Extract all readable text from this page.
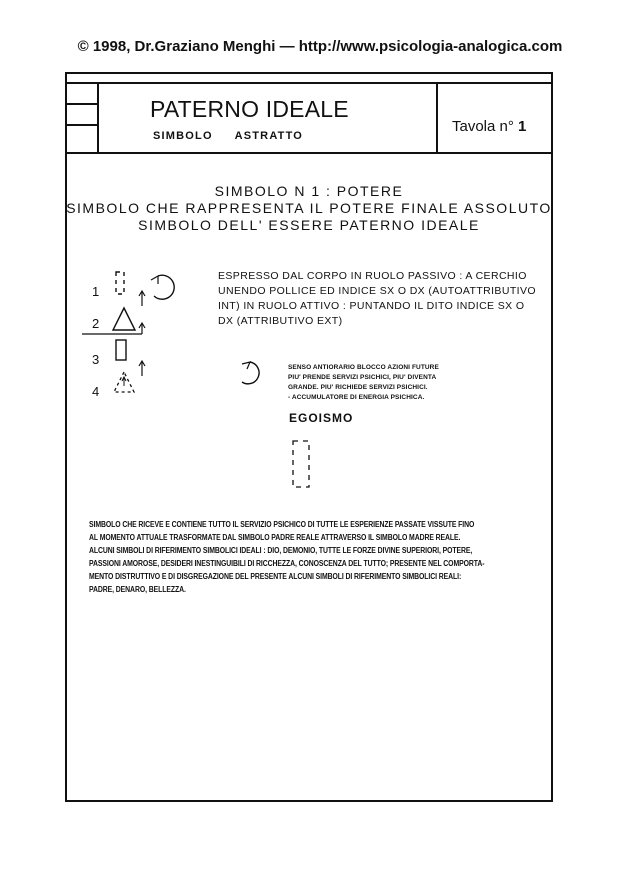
© 1998, Dr.Graziano Menghi — http://www.psicologia-analogica.com
PATERNO IDEALE
SIMBOLO ASTRATTO
Tavola n° 1
SIMBOLO N 1 : POTERE
SIMBOLO CHE RAPPRESENTA IL POTERE FINALE ASSOLUTO
SIMBOLO DELL' ESSERE PATERNO IDEALE
1
2
3
4
ESPRESSO DAL CORPO IN RUOLO PASSIVO : A CERCHIO
UNENDO POLLICE ED INDICE SX O DX (AUTOATTRIBUTIVO
INT) IN RUOLO ATTIVO : PUNTANDO IL DITO INDICE SX O
DX (ATTRIBUTIVO EXT)
SENSO ANTIORARIO BLOCCO AZIONI FUTURE
PIU' PRENDE SERVIZI PSICHICI, PIU' DIVENTA
GRANDE. PIU' RICHIEDE SERVIZI PSICHICI.
- ACCUMULATORE DI ENERGIA PSICHICA.
EGOISMO
SIMBOLO CHE RICEVE E CONTIENE TUTTO IL SERVIZIO PSICHICO DI TUTTE LE ESPERIENZE PASSATE VISSUTE FINO
AL MOMENTO ATTUALE TRASFORMATE DAL SIMBOLO PADRE REALE ATTRAVERSO IL SIMBOLO MADRE REALE.
ALCUNI SIMBOLI DI RIFERIMENTO SIMBOLICI IDEALI : DIO, DEMONIO, TUTTE LE FORZE DIVINE SUPERIORI, POTERE,
PASSIONI AMOROSE, DESIDERI INESTINGUIBILI DI RICCHEZZA, CONOSCENZA DEL TUTTO; PRESENTE NEL COMPORTA-
MENTO DISTRUTTIVO E DI DISGREGAZIONE DEL PRESENTE ALCUNI SIMBOLI DI RIFERIMENTO SIMBOLICI REALI:
PADRE, DENARO, BELLEZZA.
